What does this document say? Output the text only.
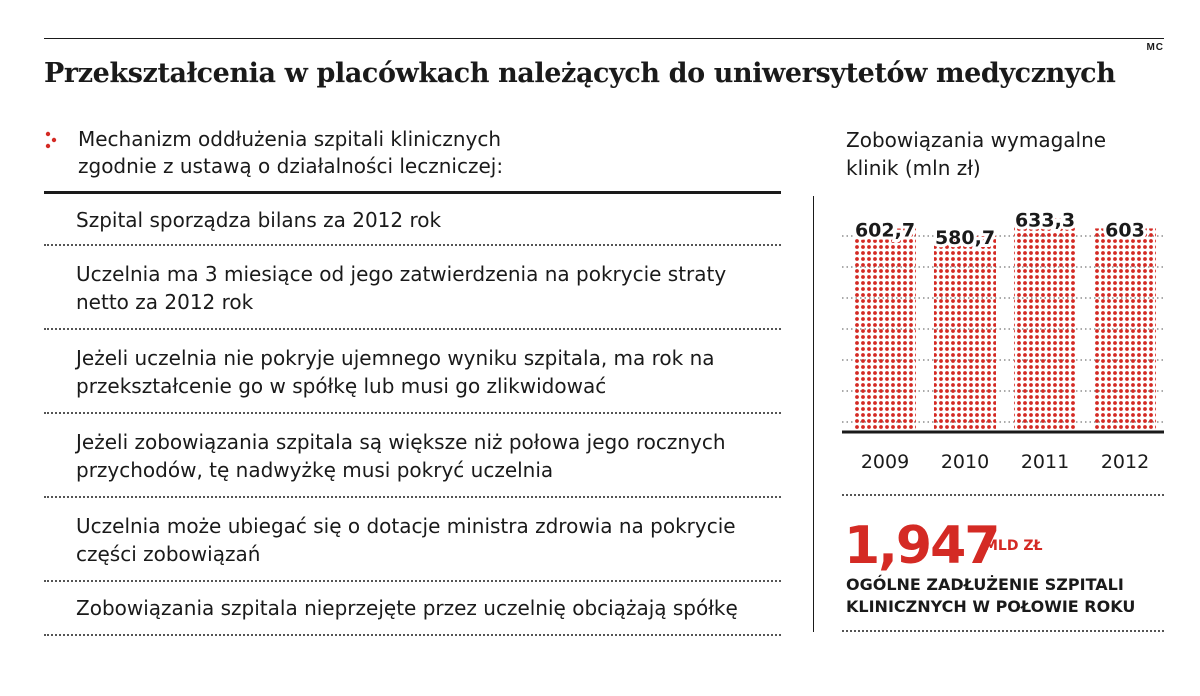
MC
Przekształcenia w placówkach należących do uniwersytetów medycznych
Mechanizm oddłużenia szpitali klinicznych
zgodnie z ustawą o działalności leczniczej:
Szpital sporządza bilans za 2012 rok
Uczelnia ma 3 miesiące od jego zatwierdzenia na pokrycie straty
netto za 2012 rok
Jeżeli uczelnia nie pokryje ujemnego wyniku szpitala, ma rok na
przekształcenie go w spółkę lub musi go zlikwidować
Jeżeli zobowiązania szpitala są większe niż połowa jego rocznych
przychodów, tę nadwyżkę musi pokryć uczelnia
Uczelnia może ubiegać się o dotacje ministra zdrowia na pokrycie
części zobowiązań
Zobowiązania szpitala nieprzejęte przez uczelnię obciążają spółkę
Zobowiązania wymagalne
klinik (mln zł)
602,7 580,7
633,3 603
2009 2010 2011 2012
1,947
MLD ZŁ
OGÓLNE ZADŁUŻENIE SZPITALI
KLINICZNYCH W POŁOWIE ROKU
